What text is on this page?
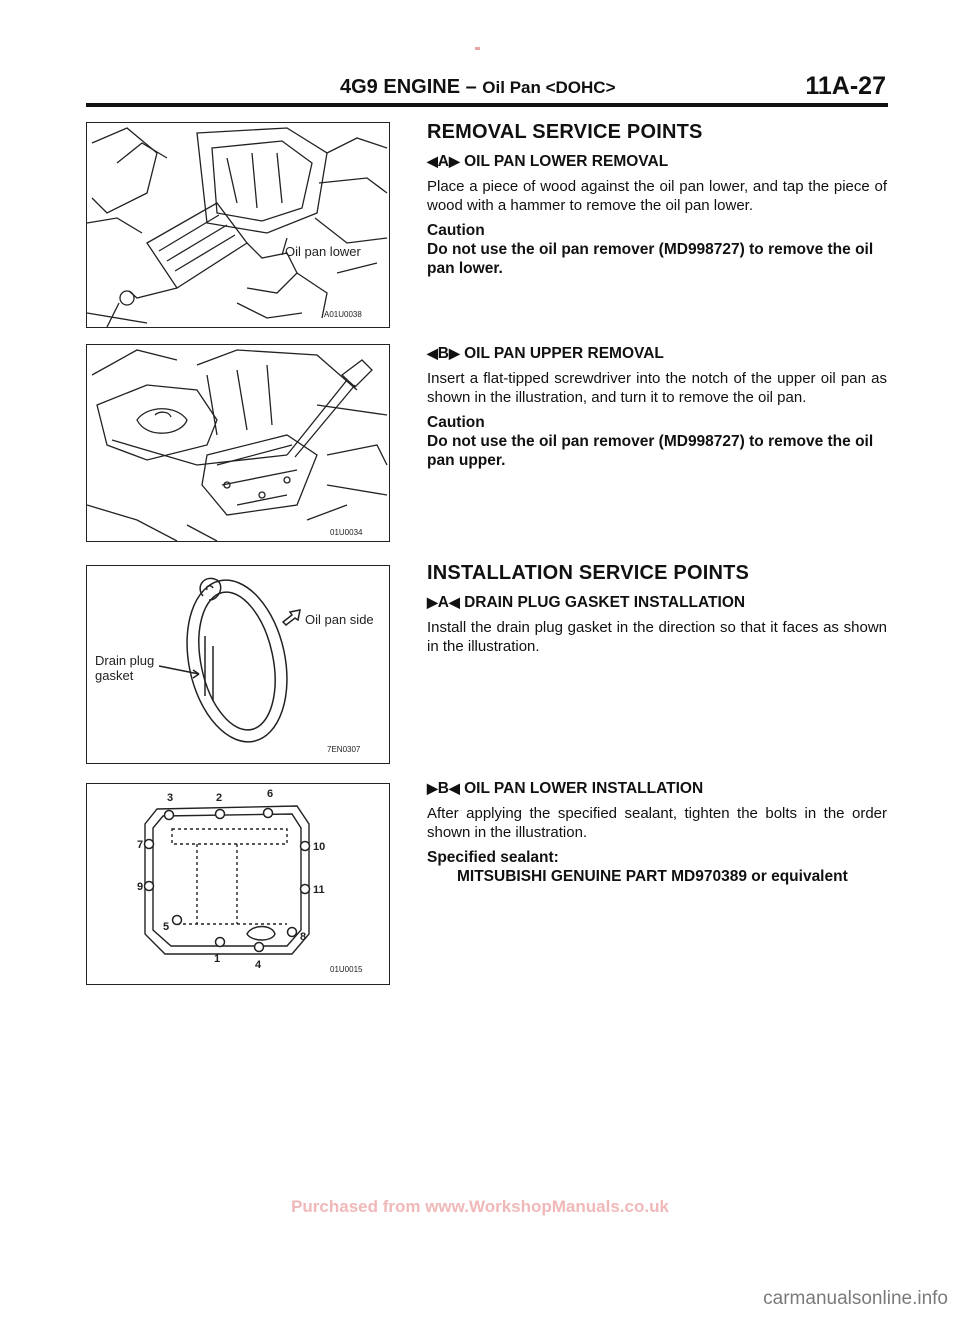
4G9 ENGINE – Oil Pan <DOHC>	11A-27
Oil pan lower
A01U0038
01U0034
Drain plug
gasket
Oil pan side
7EN0307
3	2	6
7	10
9	11
5
8
1	4	01U0015
REMOVAL SERVICE POINTS
◀A▶ OIL PAN LOWER REMOVAL
Place a piece of wood against the oil pan lower, and tap the piece of wood with a hammer to remove the oil pan lower.
Caution
Do not use the oil pan remover (MD998727) to remove the oil pan lower.
◀B▶ OIL PAN UPPER REMOVAL
Insert a flat-tipped screwdriver into the notch of the upper oil pan as shown in the illustration, and turn it to remove the oil pan.
Caution
Do not use the oil pan remover (MD998727) to remove the oil pan upper.
INSTALLATION SERVICE POINTS
▶A◀ DRAIN PLUG GASKET INSTALLATION
Install the drain plug gasket in the direction so that it faces as shown in the illustration.
▶B◀ OIL PAN LOWER INSTALLATION
After applying the specified sealant, tighten the bolts in the order shown in the illustration.
Specified sealant:
MITSUBISHI GENUINE PART MD970389 or equivalent
Purchased from www.WorkshopManuals.co.uk
carmanualsonline.info
